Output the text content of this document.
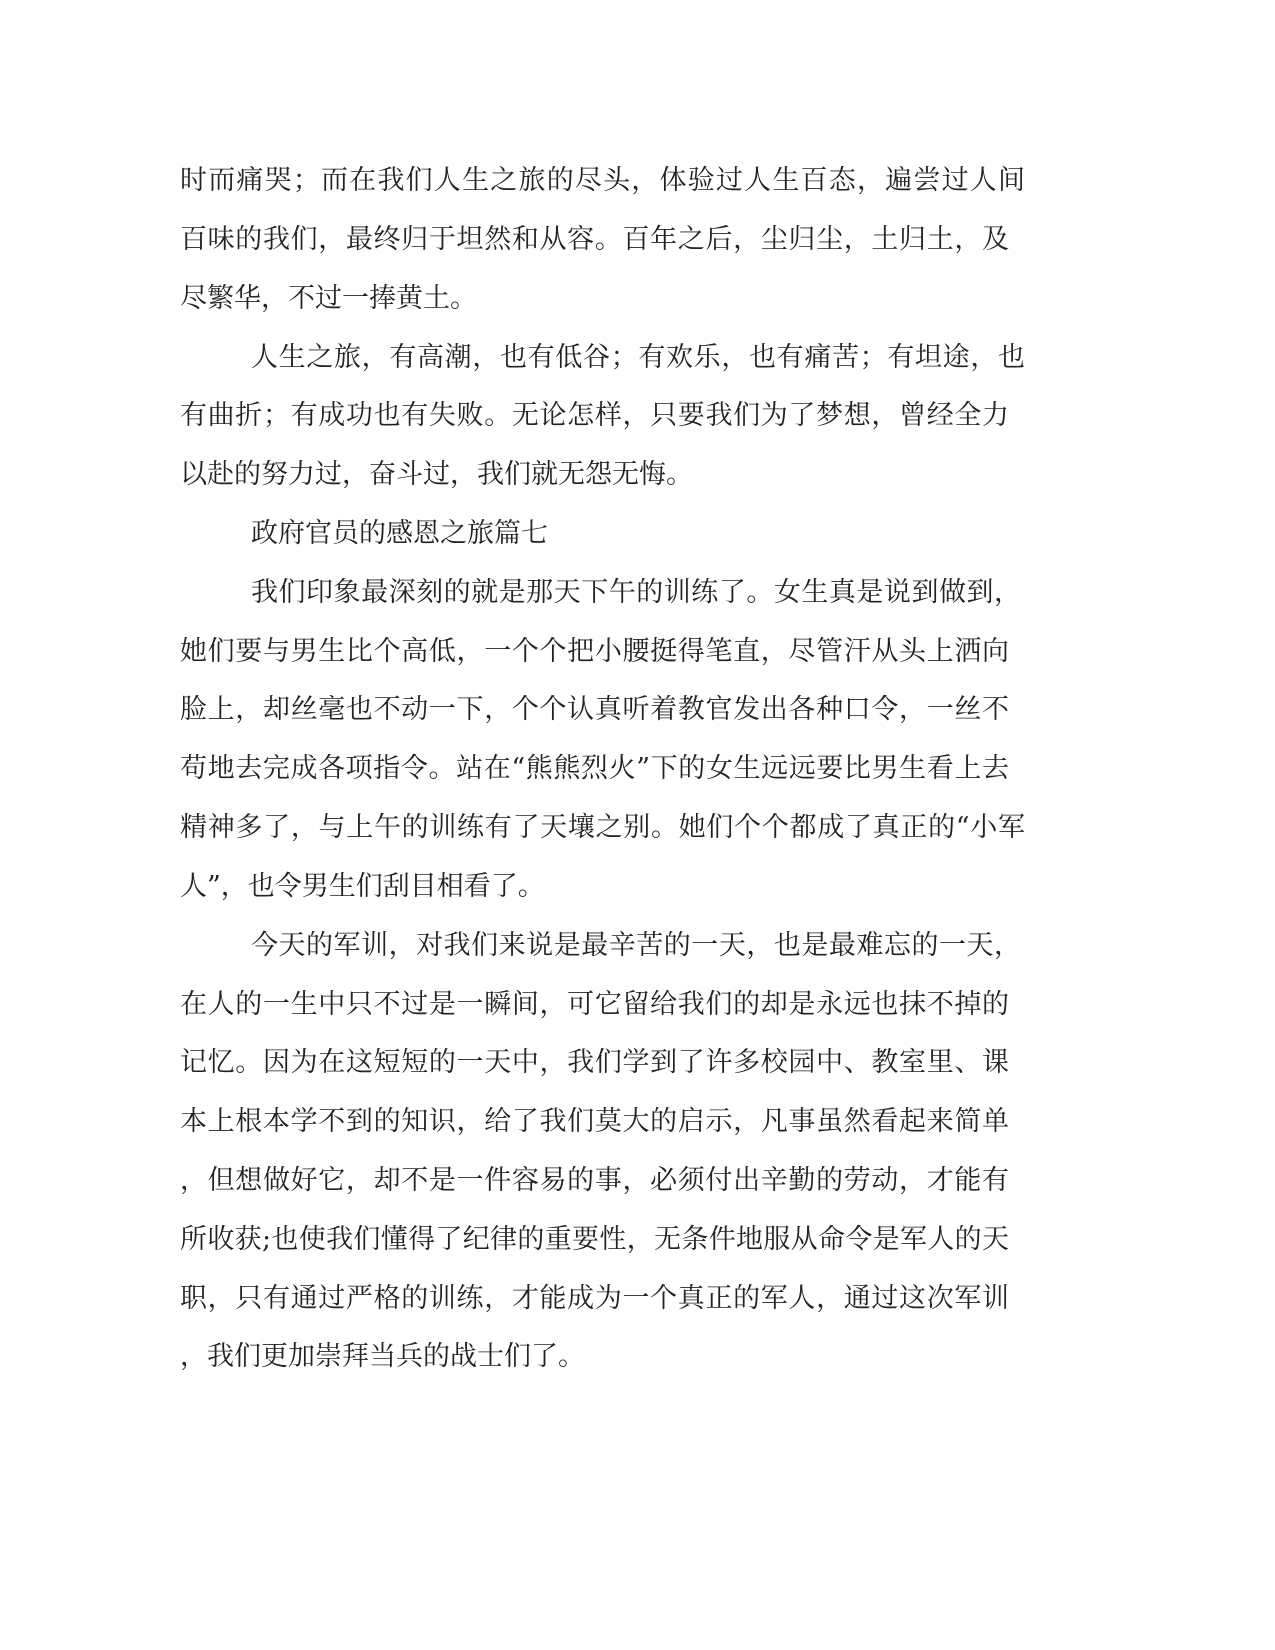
时而痛哭；而在我们人生之旅的尽头，体验过人生百态，遍尝过人间
百味的我们，最终归于坦然和从容。百年之后，尘归尘，土归土，及
尽繁华，不过一捧黄土。
人生之旅，有高潮，也有低谷；有欢乐，也有痛苦；有坦途，也
有曲折；有成功也有失败。无论怎样，只要我们为了梦想，曾经全力
以赴的努力过，奋斗过，我们就无怨无悔。
政府官员的感恩之旅篇七
我们印象最深刻的就是那天下午的训练了。女生真是说到做到，
她们要与男生比个高低，一个个把小腰挺得笔直，尽管汗从头上洒向
脸上，却丝毫也不动一下，个个认真听着教官发出各种口令，一丝不
苟地去完成各项指令。站在“熊熊烈火”下的女生远远要比男生看上去
精神多了，与上午的训练有了天壤之别。她们个个都成了真正的“小军
人”，也令男生们刮目相看了。
今天的军训，对我们来说是最辛苦的一天，也是最难忘的一天，
在人的一生中只不过是一瞬间，可它留给我们的却是永远也抹不掉的
记忆。因为在这短短的一天中，我们学到了许多校园中、教室里、课
本上根本学不到的知识，给了我们莫大的启示，凡事虽然看起来简单
，但想做好它，却不是一件容易的事，必须付出辛勤的劳动，才能有
所收获;也使我们懂得了纪律的重要性，无条件地服从命令是军人的天
职，只有通过严格的训练，才能成为一个真正的军人，通过这次军训
，我们更加崇拜当兵的战士们了。
